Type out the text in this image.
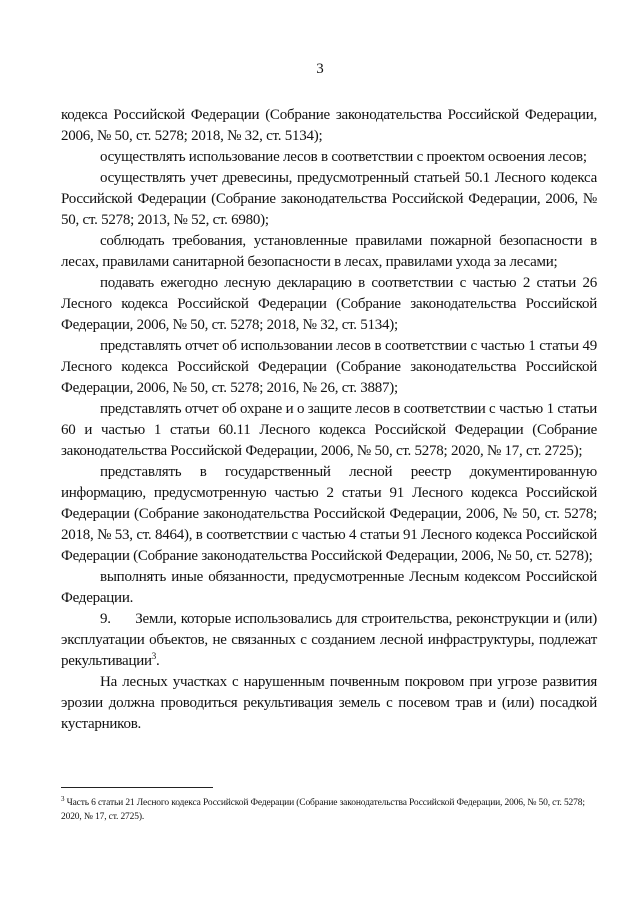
3

кодекса Российской Федерации (Собрание законодательства Российской Федерации, 2006, № 50, ст. 5278; 2018, № 32, ст. 5134);

осуществлять использование лесов в соответствии с проектом освоения лесов;

осуществлять учет древесины, предусмотренный статьей 50.1 Лесного кодекса Российской Федерации (Собрание законодательства Российской Федерации, 2006, № 50, ст. 5278; 2013, № 52, ст. 6980);

соблюдать требования, установленные правилами пожарной безопасности в лесах, правилами санитарной безопасности в лесах, правилами ухода за лесами;

подавать ежегодно лесную декларацию в соответствии с частью 2 статьи 26 Лесного кодекса Российской Федерации (Собрание законодательства Российской Федерации, 2006, № 50, ст. 5278; 2018, № 32, ст. 5134);

представлять отчет об использовании лесов в соответствии с частью 1 статьи 49 Лесного кодекса Российской Федерации (Собрание законодательства Российской Федерации, 2006, № 50, ст. 5278; 2016, № 26, ст. 3887);

представлять отчет об охране и о защите лесов в соответствии с частью 1 статьи 60 и частью 1 статьи 60.11 Лесного кодекса Российской Федерации (Собрание законодательства Российской Федерации, 2006, № 50, ст. 5278; 2020, № 17, ст. 2725);

представлять в государственный лесной реестр документированную информацию, предусмотренную частью 2 статьи 91 Лесного кодекса Российской Федерации (Собрание законодательства Российской Федерации, 2006, № 50, ст. 5278; 2018, № 53, ст. 8464), в соответствии с частью 4 статьи 91 Лесного кодекса Российской Федерации (Собрание законодательства Российской Федерации, 2006, № 50, ст. 5278);

выполнять иные обязанности, предусмотренные Лесным кодексом Российской Федерации.

9.      Земли, которые использовались для строительства, реконструкции и (или) эксплуатации объектов, не связанных с созданием лесной инфраструктуры, подлежат рекультивации$^3$.

На лесных участках с нарушенным почвенным покровом при угрозе развития эрозии должна проводиться рекультивация земель с посевом трав и (или) посадкой кустарников.

$^3$ Часть 6 статьи 21 Лесного кодекса Российской Федерации (Собрание законодательства Российской Федерации, 2006, № 50, ст. 5278; 2020, № 17, ст. 2725).
